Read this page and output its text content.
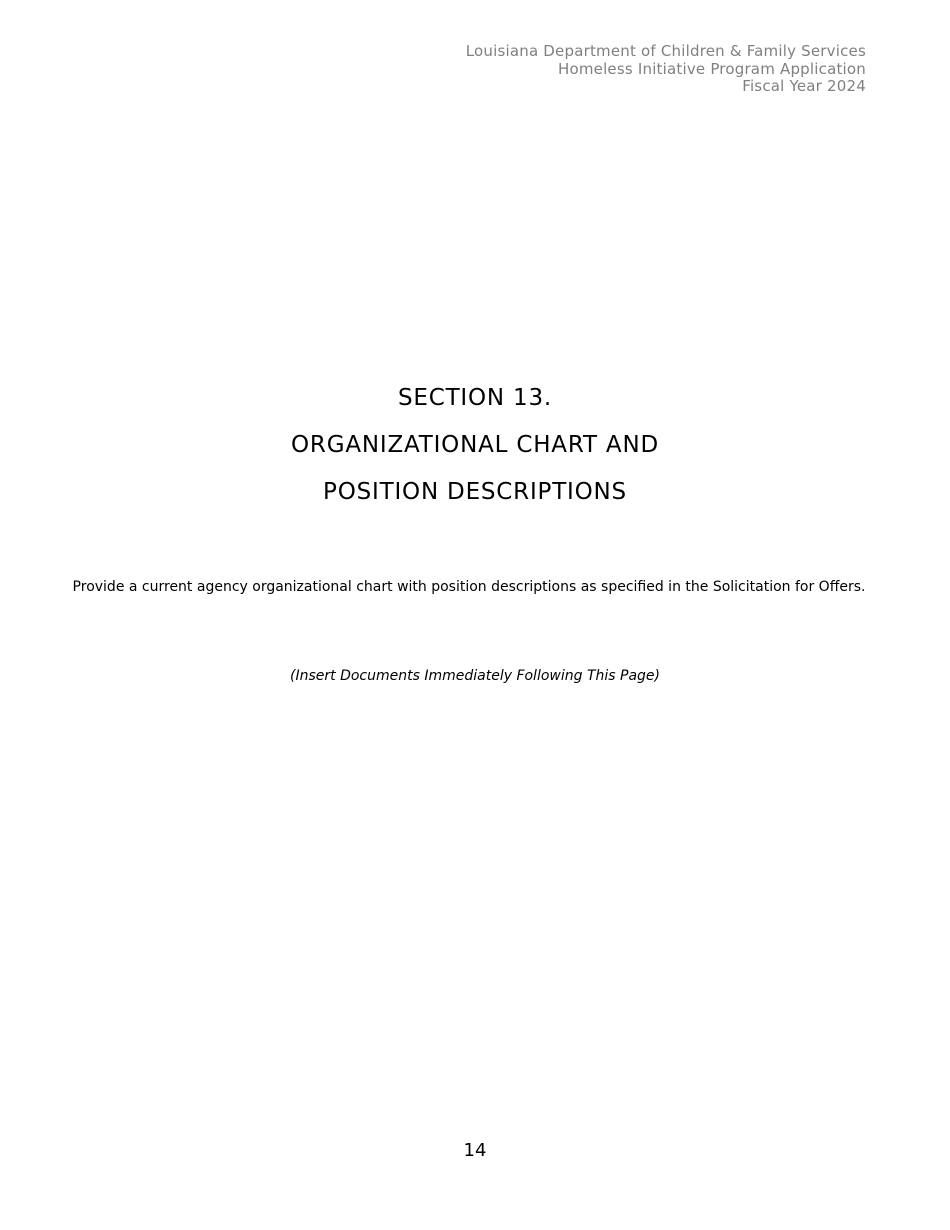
Louisiana Department of Children & Family Services
Homeless Initiative Program Application
Fiscal Year 2024
SECTION 13.
ORGANIZATIONAL CHART AND
POSITION DESCRIPTIONS
Provide a current agency organizational chart with position descriptions as specified in the Solicitation for Offers.
(Insert Documents Immediately Following This Page)
14
